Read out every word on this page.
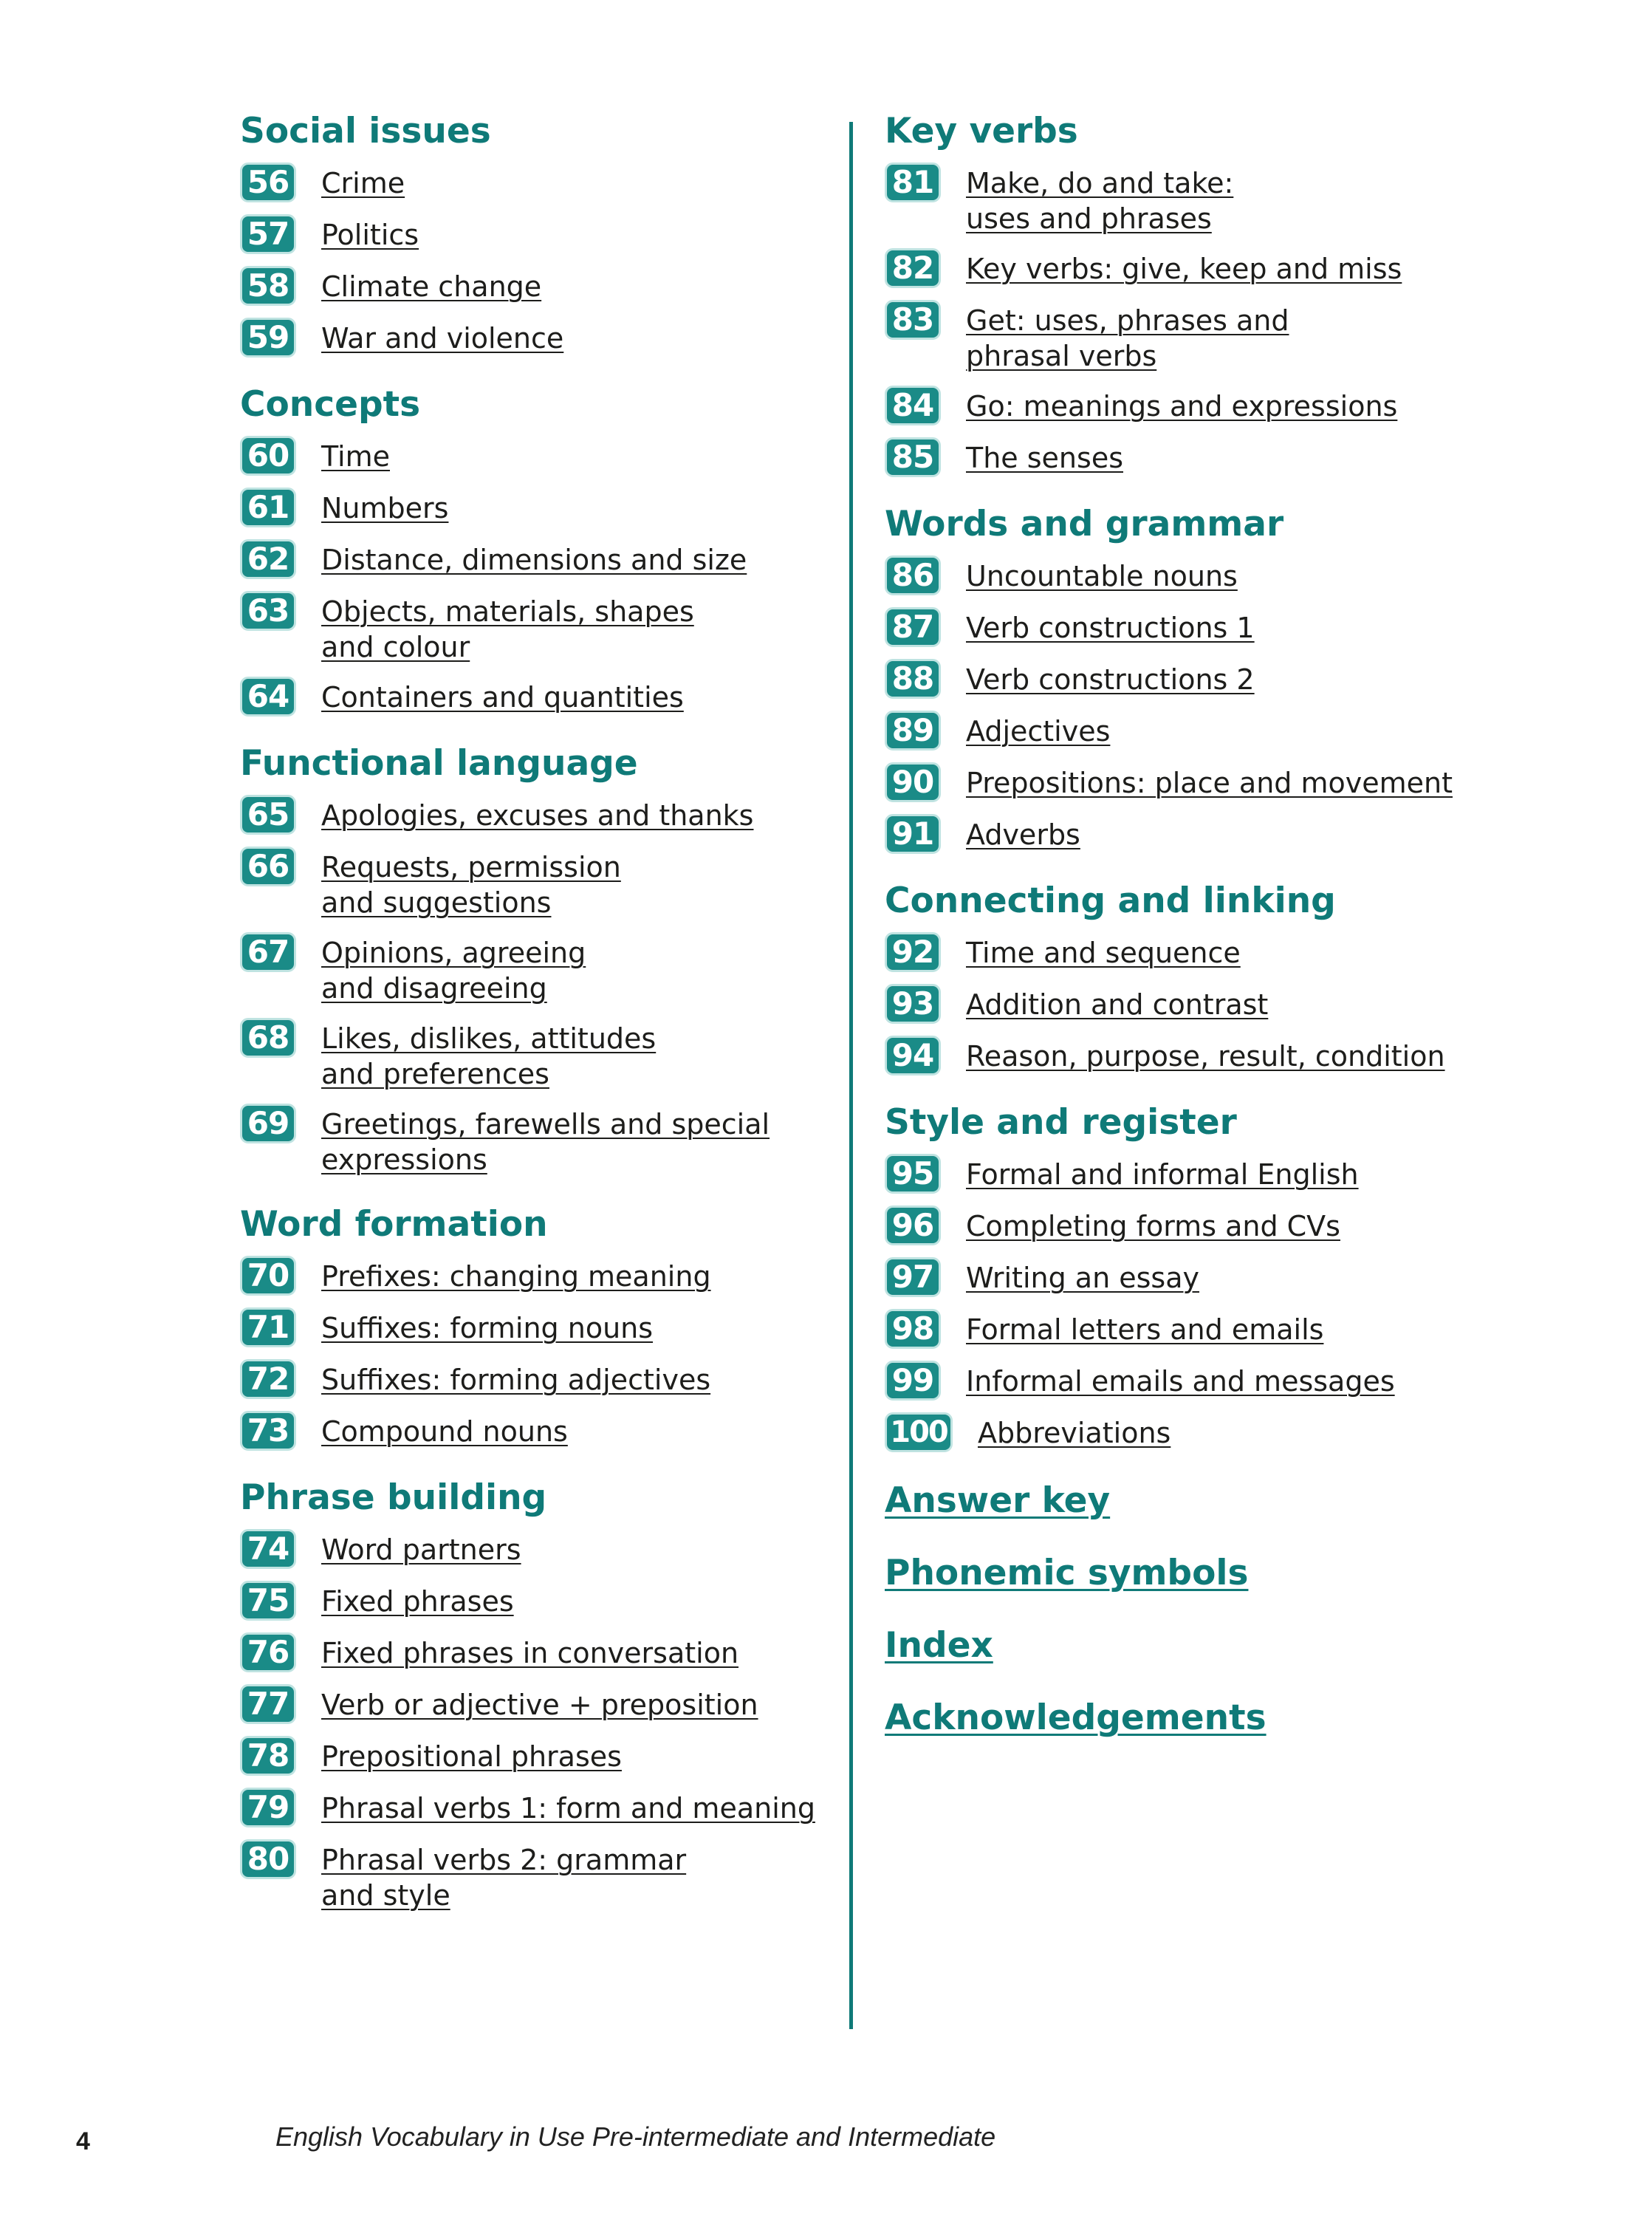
Social issues
56 Crime
57 Politics
58 Climate change
59 War and violence
Concepts
60 Time
61 Numbers
62 Distance, dimensions and size
63 Objects, materials, shapes
and colour
64 Containers and quantities
Functional language
65 Apologies, excuses and thanks
66 Requests, permission
and suggestions
67 Opinions, agreeing
and disagreeing
68 Likes, dislikes, attitudes
and preferences
69 Greetings, farewells and special
expressions
Word formation
70 Prefixes: changing meaning
71 Suffixes: forming nouns
72 Suffixes: forming adjectives
73 Compound nouns
Phrase building
74 Word partners
75 Fixed phrases
76 Fixed phrases in conversation
77 Verb or adjective + preposition
78 Prepositional phrases
79 Phrasal verbs 1: form and meaning
80 Phrasal verbs 2: grammar
and style
Key verbs
81 Make, do and take:
uses and phrases
82 Key verbs: give, keep and miss
83 Get: uses, phrases and
phrasal verbs
84 Go: meanings and expressions
85 The senses
Words and grammar
86 Uncountable nouns
87 Verb constructions 1
88 Verb constructions 2
89 Adjectives
90 Prepositions: place and movement
91 Adverbs
Connecting and linking
92 Time and sequence
93 Addition and contrast
94 Reason, purpose, result, condition
Style and register
95 Formal and informal English
96 Completing forms and CVs
97 Writing an essay
98 Formal letters and emails
99 Informal emails and messages
100 Abbreviations
Answer key
Phonemic symbols
Index
Acknowledgements
4	English Vocabulary in Use Pre-intermediate and Intermediate
